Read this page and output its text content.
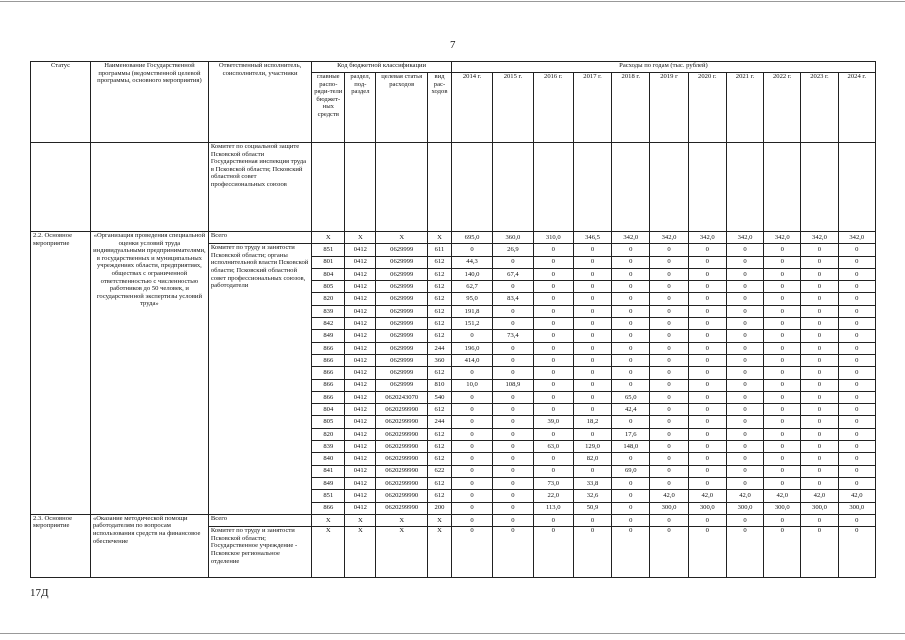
7
Статус	Наименование Государственной программы (ведомственной целевой программы, основного мероприятия)	Ответственный исполнитель, соисполнители, участники	Код бюджетной классификации				Расходы по годам (тыс. рублей)										
			главные распо-ряди-тели бюджет-ных средств	раздел, под-раздел	целевая статья расходов	вид рас-ходов	2014 г.	2015 г.	2016 г.	2017 г.	2018 г.	2019 г	2020 г.	2021 г.	2022 г.	2023 г.	2024 г.
		Комитет по социальной защите Псковской области Государственная инспекция труда в Псковской области; Псковский областной совет профессиональных союзов															
2.2. Основное мероприятие	«Организация проведения специальной оценки условий труда индивидуальными предпринимателями, в государственных и муниципальных учреждениях области, предприятиях, обществах с ограниченной ответственностью с численностью работников до 50 человек, и государственной экспертизы условий труда»	Всего	X	X	X	X	695,0	360,0	310,0	346,5	342,0	342,0	342,0	342,0	342,0	342,0	342,0
		Комитет по труду и занятости Псковской области; органы исполнительной власти Псковской области; Псковский областной совет профессиональных союзов, работодатели	851	0412	0629999	611	0	26,9	0	0	0	0	0	0	0	0	0
			801	0412	0629999	612	44,3	0	0	0	0	0	0	0	0	0	0
			804	0412	0629999	612	140,0	67,4	0	0	0	0	0	0	0	0	0
			805	0412	0629999	612	62,7	0	0	0	0	0	0	0	0	0	0
			820	0412	0629999	612	95,0	83,4	0	0	0	0	0	0	0	0	0
			839	0412	0629999	612	191,8	0	0	0	0	0	0	0	0	0	0
			842	0412	0629999	612	151,2	0	0	0	0	0	0	0	0	0	0
			849	0412	0629999	612	0	73,4	0	0	0	0	0	0	0	0	0
			866	0412	0629999	244	196,0	0	0	0	0	0	0	0	0	0	0
			866	0412	0629999	360	414,0	0	0	0	0	0	0	0	0	0	0
			866	0412	0629999	612	0	0	0	0	0	0	0	0	0	0	0
			866	0412	0629999	810	10,0	108,9	0	0	0	0	0	0	0	0	0
			866	0412	0620243070	540	0	0	0	0	65,0	0	0	0	0	0	0
			804	0412	0620299990	612	0	0	0	0	42,4	0	0	0	0	0	0
			805	0412	0620299990	244	0	0	39,0	18,2	0	0	0	0	0	0	0
			820	0412	0620299990	612	0	0	0	0	17,6	0	0	0	0	0	0
			839	0412	0620299990	612	0	0	63,0	129,0	148,0	0	0	0	0	0	0
			840	0412	0620299990	612	0	0	0	82,0	0	0	0	0	0	0	0
			841	0412	0620299990	622	0	0	0	0	69,0	0	0	0	0	0	0
			849	0412	0620299990	612	0	0	73,0	33,8	0	0	0	0	0	0	0
			851	0412	0620299990	612	0	0	22,0	32,6	0	42,0	42,0	42,0	42,0	42,0	42,0
			866	0412	0620299990	200	0	0	113,0	50,9	0	300,0	300,0	300,0	300,0	300,0	300,0
2.3. Основное мероприятие	«Оказание методической помощи работодателям по вопросам использования средств на финансовое обеспечение	Всего	X	X	X	X	0	0	0	0	0	0	0	0	0	0	0
		Комитет по труду и занятости Псковской области; Государственное учреждение - Псковское региональное отделение	X	X	X	X	0	0	0	0	0	0	0	0	0	0	0
17Д
